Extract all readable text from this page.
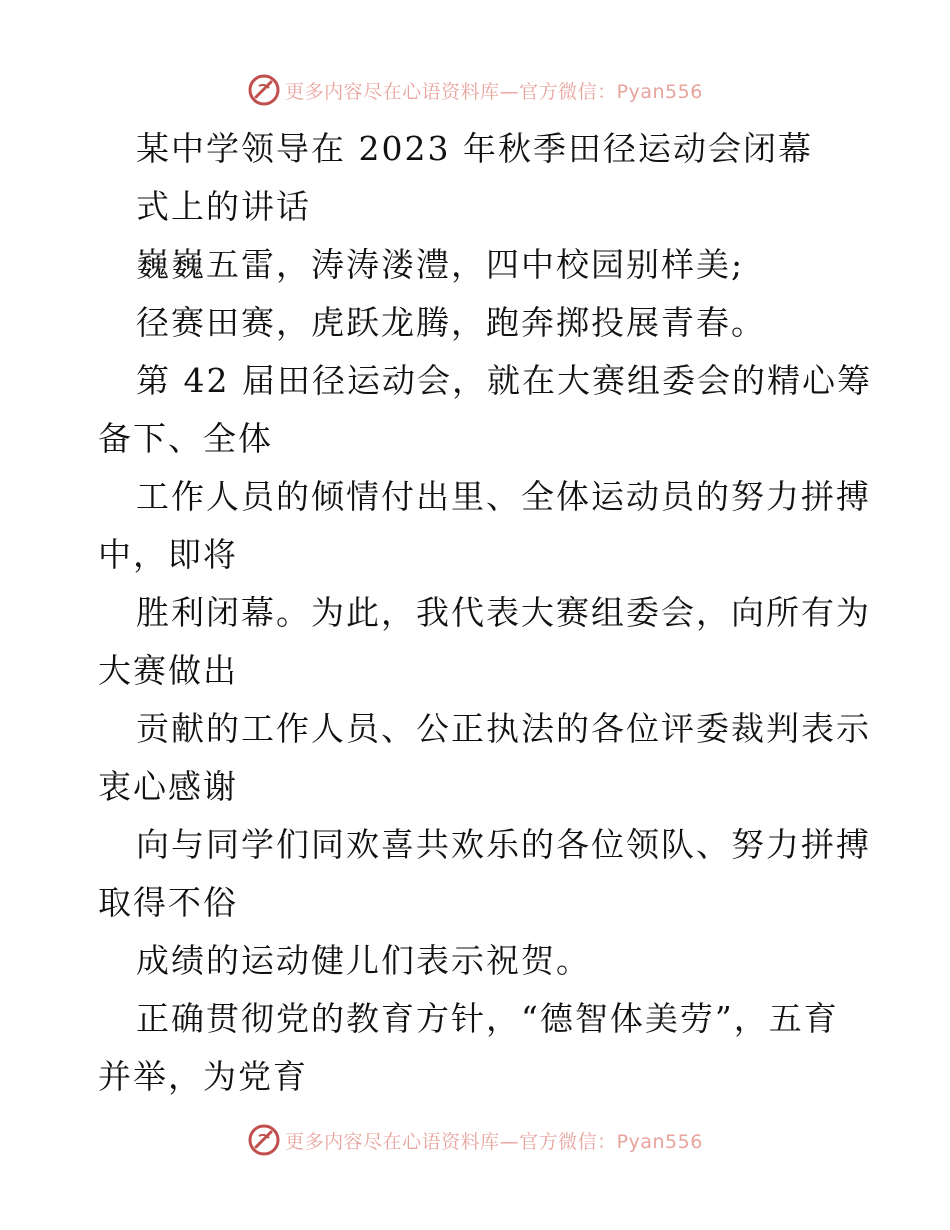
更多内容尽在心语资料库—官方微信：Pyan556
某中学领导在 2023 年秋季田径运动会闭幕
式上的讲话
巍巍五雷，涛涛溇澧，四中校园别样美;
径赛田赛，虎跃龙腾，跑奔掷投展青春。
第 42 届田径运动会，就在大赛组委会的精心筹
备下、全体
工作人员的倾情付出里、全体运动员的努力拼搏
中，即将
胜利闭幕。为此，我代表大赛组委会，向所有为
大赛做出
贡献的工作人员、公正执法的各位评委裁判表示
衷心感谢
向与同学们同欢喜共欢乐的各位领队、努力拼搏
取得不俗
成绩的运动健儿们表示祝贺。
正确贯彻党的教育方针，“德智体美劳”，五育
并举，为党育
更多内容尽在心语资料库—官方微信：Pyan556
